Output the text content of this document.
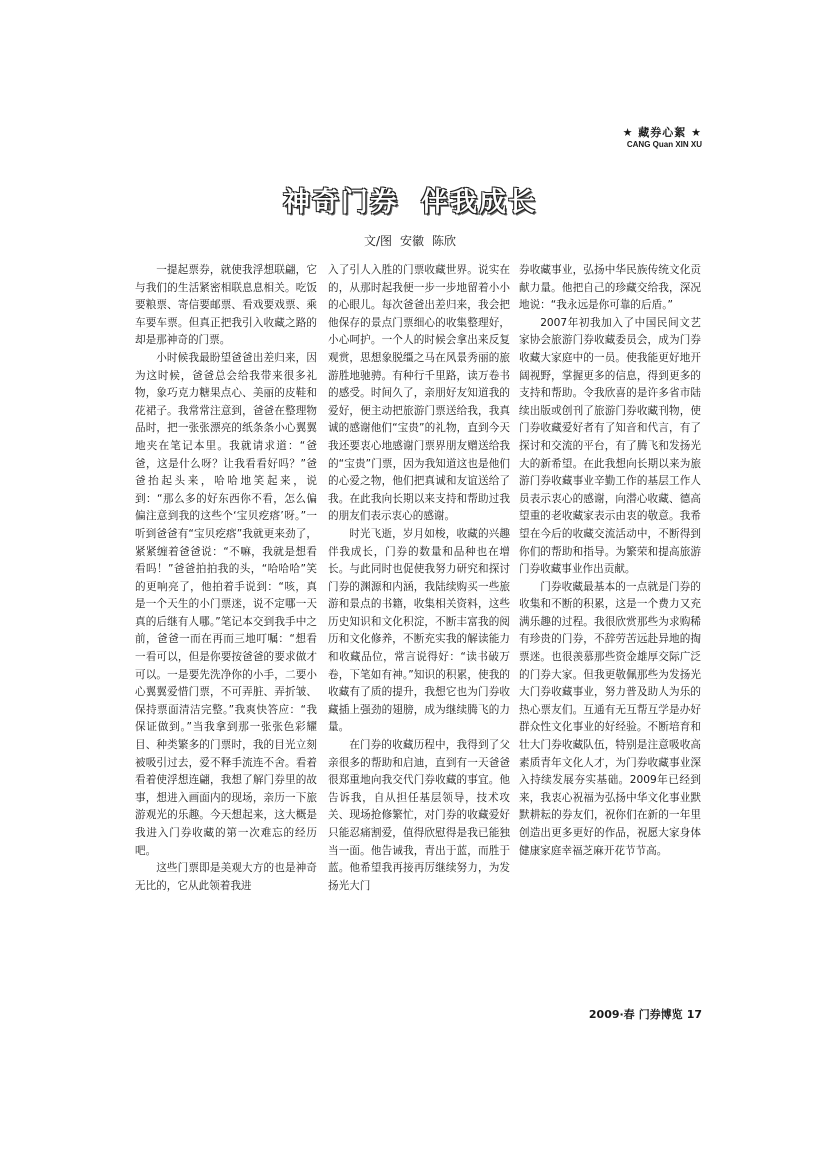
★ 藏券心絮 ★
CANG Quan XIN XU
神奇门券 伴我成长
文/图 安徽 陈欣

一提起票券，就使我浮想联翩，它与我们的生活紧密相联息息相关。吃饭要粮票、寄信要邮票、看戏要戏票、乘车要车票。但真正把我引入收藏之路的却是那神奇的门票。

小时候我最盼望爸爸出差归来，因为这时候，爸爸总会给我带来很多礼物，象巧克力糖果点心、美丽的皮鞋和花裙子。我常常注意到，爸爸在整理物品时，把一张张漂亮的纸条条小心翼翼地夹在笔记本里。我就请求道：“爸爸，这是什么呀？让我看看好吗？”爸爸抬起头来，哈哈地笑起来，说到：“那么多的好东西你不看，怎么偏偏注意到我的这些个‘宝贝疙瘩’呀。”一听到爸爸有“宝贝疙瘩”我就更来劲了，紧紧缠着爸爸说：“不嘛，我就是想看看吗！”爸爸拍拍我的头，“哈哈哈”笑的更响亮了，他拍着手说到：“咳，真是一个天生的小门票迷，说不定哪一天真的后继有人哪。”笔记本交到我手中之前，爸爸一而在再而三地叮嘱：“想看一看可以，但是你要按爸爸的要求做才可以。一是要先洗净你的小手，二要小心翼翼爱惜门票，不可弄脏、弄折皱、保持票面清洁完整。”我爽快答应：“我保证做到。”当我拿到那一张张色彩耀目、种类繁多的门票时，我的目光立刻被吸引过去，爱不释手流连不舍。看着看着使浮想连翩，我想了解门券里的故事，想进入画面内的现场，亲历一下旅游观光的乐趣。今天想起来，这大概是我进入门券收藏的第一次难忘的经历吧。

这些门票即是美观大方的也是神奇无比的，它从此领着我进

入了引人入胜的门票收藏世界。说实在的，从那时起我便一步一步地留着小小的心眼儿。每次爸爸出差归来，我会把他保存的景点门票细心的收集整理好，小心呵护。一个人的时候会拿出来反复观赏，思想象脱缰之马在风景秀丽的旅游胜地驰骋。有种行千里路，读万卷书的感受。时间久了，亲朋好友知道我的爱好，便主动把旅游门票送给我，我真诚的感谢他们“宝贵”的礼物，直到今天我还要衷心地感谢门票界朋友赠送给我的“宝贵”门票，因为我知道这也是他们的心爱之物，他们把真诚和友谊送给了我。在此我向长期以来支持和帮助过我的朋友们表示衷心的感谢。

时光飞逝，岁月如梭，收藏的兴趣伴我成长，门券的数量和品种也在增长。与此同时也促使我努力研究和探讨门券的渊源和内涵，我陆续购买一些旅游和景点的书籍，收集相关资料，这些历史知识和文化积淀，不断丰富我的阅历和文化修养，不断充实我的解读能力和收藏品位，常言说得好：“读书破万卷，下笔如有神。”知识的积累，使我的收藏有了质的提升，我想它也为门券收藏插上强劲的翅膀，成为继续腾飞的力量。

在门券的收藏历程中，我得到了父亲很多的帮助和启迪，直到有一天爸爸很郑重地向我交代门券收藏的事宜。他告诉我，自从担任基层领导，技术攻关、现场抢修繁忙，对门券的收藏爱好只能忍痛割爱，值得欣慰得是我已能独当一面。他告诫我，青出于蓝，而胜于蓝。他希望我再接再厉继续努力，为发扬光大门

券收藏事业，弘扬中华民族传统文化贡献力量。他把自己的珍藏交给我，深况地说：“我永远是你可靠的后盾。”

2007年初我加入了中国民间文艺家协会旅游门券收藏委员会，成为门券收藏大家庭中的一员。使我能更好地开阔视野，掌握更多的信息，得到更多的支持和帮助。令我欣喜的是许多省市陆续出版或创刊了旅游门券收藏刊物，使门券收藏爱好者有了知音和代言，有了探讨和交流的平台，有了腾飞和发扬光大的新希望。在此我想向长期以来为旅游门券收藏事业辛勤工作的基层工作人员表示衷心的感谢，向潜心收藏、德高望重的老收藏家表示由衷的敬意。我希望在今后的收藏交流活动中，不断得到你们的帮助和指导。为繁荣和提高旅游门券收藏事业作出贡献。

门券收藏最基本的一点就是门券的收集和不断的积累，这是一个费力又充满乐趣的过程。我很欣赏那些为求购稀有珍贵的门券，不辞劳苦远赴异地的掏票迷。也很羡慕那些资金雄厚交际广泛的门券大家。但我更敬佩那些为发扬光大门券收藏事业，努力普及助人为乐的热心票友们。互通有无互帮互学是办好群众性文化事业的好经验。不断培育和壮大门券收藏队伍，特别是注意吸收高素质青年文化人才，为门券收藏事业深入持续发展夯实基础。2009年已经到来，我衷心祝福为弘扬中华文化事业默默耕耘的券友们，祝你们在新的一年里创造出更多更好的作品，祝愿大家身体健康家庭幸福芝麻开花节节高。

2009·春 门券博览 17
